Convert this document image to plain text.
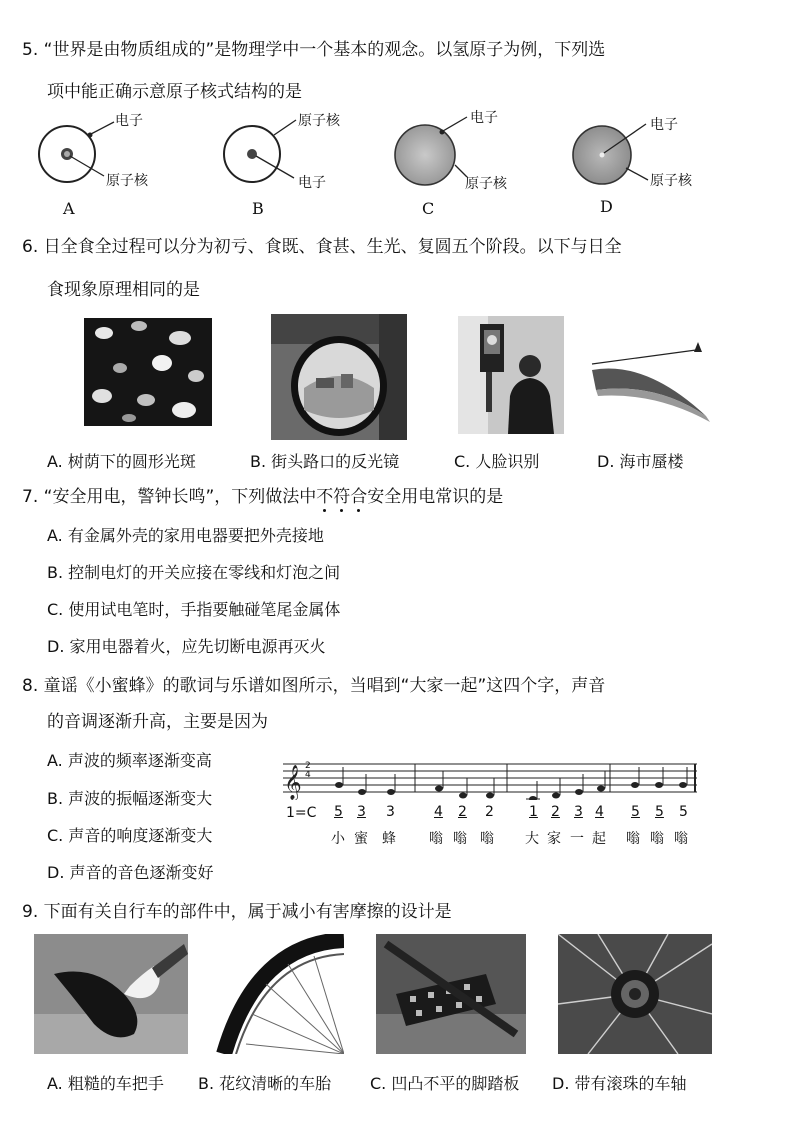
5. “世界是由物质组成的”是物理学中一个基本的观念。以氢原子为例，下列选
项中能正确示意原子核式结构的是
电子
原子核
A
原子核
电子
B
电子
原子核
C
电子
原子核
D
6. 日全食全过程可以分为初亏、食既、食甚、生光、复圆五个阶段。以下与日全
食现象原理相同的是
A. 树荫下的圆形光斑	B. 街头路口的反光镜	C. 人脸识别	D. 海市蜃楼
7. “安全用电，警钟长鸣”，下列做法中不符合安全用电常识的是
A. 有金属外壳的家用电器要把外壳接地
B. 控制电灯的开关应接在零线和灯泡之间
C. 使用试电笔时，手指要触碰笔尾金属体
D. 家用电器着火，应先切断电源再灭火
8. 童谣《小蜜蜂》的歌词与乐谱如图所示，当唱到“大家一起”这四个字，声音
的音调逐渐升高，主要是因为
A. 声波的频率逐渐变高
B. 声波的振幅逐渐变大
C. 声音的响度逐渐变大
D. 声音的音色逐渐变好
𝄞 2
4
1=C 5 3 3
小 蜜 蜂
4 2 2
嗡 嗡 嗡
1 2 3 4
大 家 一 起
5 5 5
嗡 嗡 嗡
9. 下面有关自行车的部件中，属于减小有害摩擦的设计是
A. 粗糙的车把手 B. 花纹清晰的车胎 C. 凹凸不平的脚踏板 D. 带有滚珠的车轴
